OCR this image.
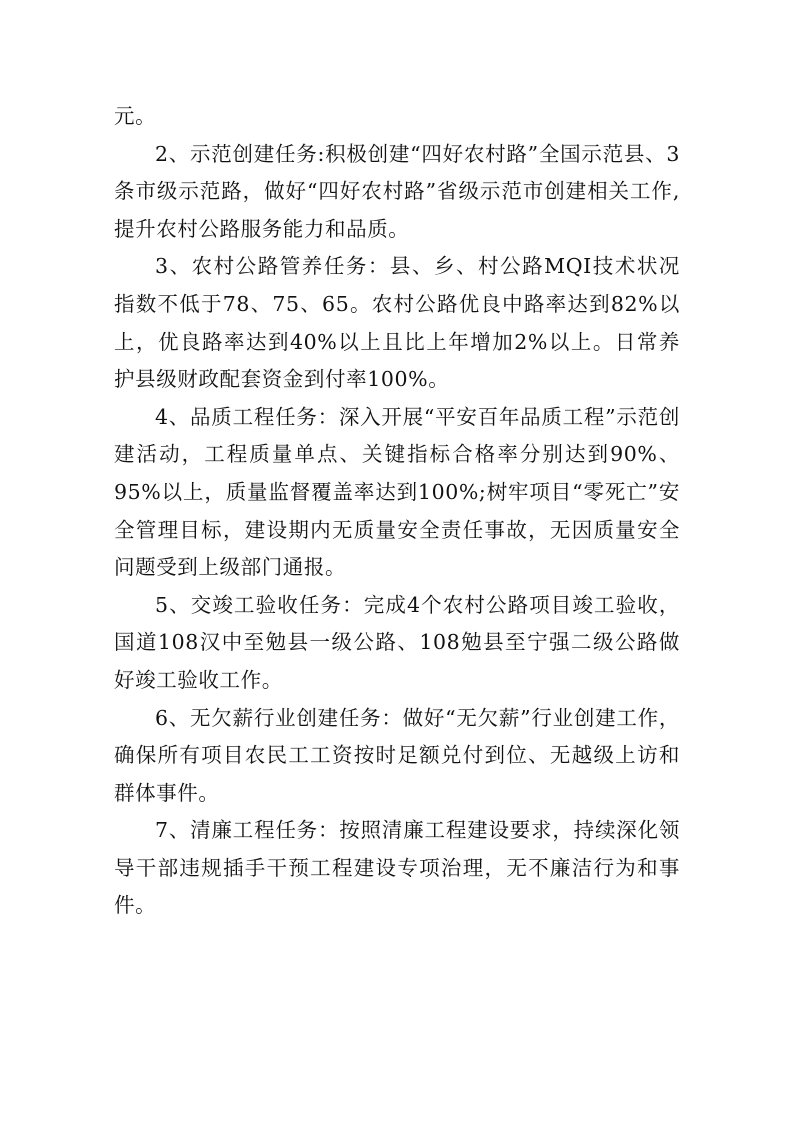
元。

2、示范创建任务:积极创建“四好农村路”全国示范县、3条市级示范路，做好“四好农村路”省级示范市创建相关工作,提升农村公路服务能力和品质。

3、农村公路管养任务：县、乡、村公路MQI技术状况指数不低于78、75、65。农村公路优良中路率达到82%以上，优良路率达到40%以上且比上年增加2%以上。日常养护县级财政配套资金到付率100%。

4、品质工程任务：深入开展“平安百年品质工程”示范创建活动，工程质量单点、关键指标合格率分别达到90%、95%以上，质量监督覆盖率达到100%;树牢项目“零死亡”安全管理目标，建设期内无质量安全责任事故，无因质量安全问题受到上级部门通报。

5、交竣工验收任务：完成4个农村公路项目竣工验收，国道108汉中至勉县一级公路、108勉县至宁强二级公路做好竣工验收工作。

6、无欠薪行业创建任务：做好“无欠薪”行业创建工作，确保所有项目农民工工资按时足额兑付到位、无越级上访和群体事件。

7、清廉工程任务：按照清廉工程建设要求，持续深化领导干部违规插手干预工程建设专项治理，无不廉洁行为和事件。
